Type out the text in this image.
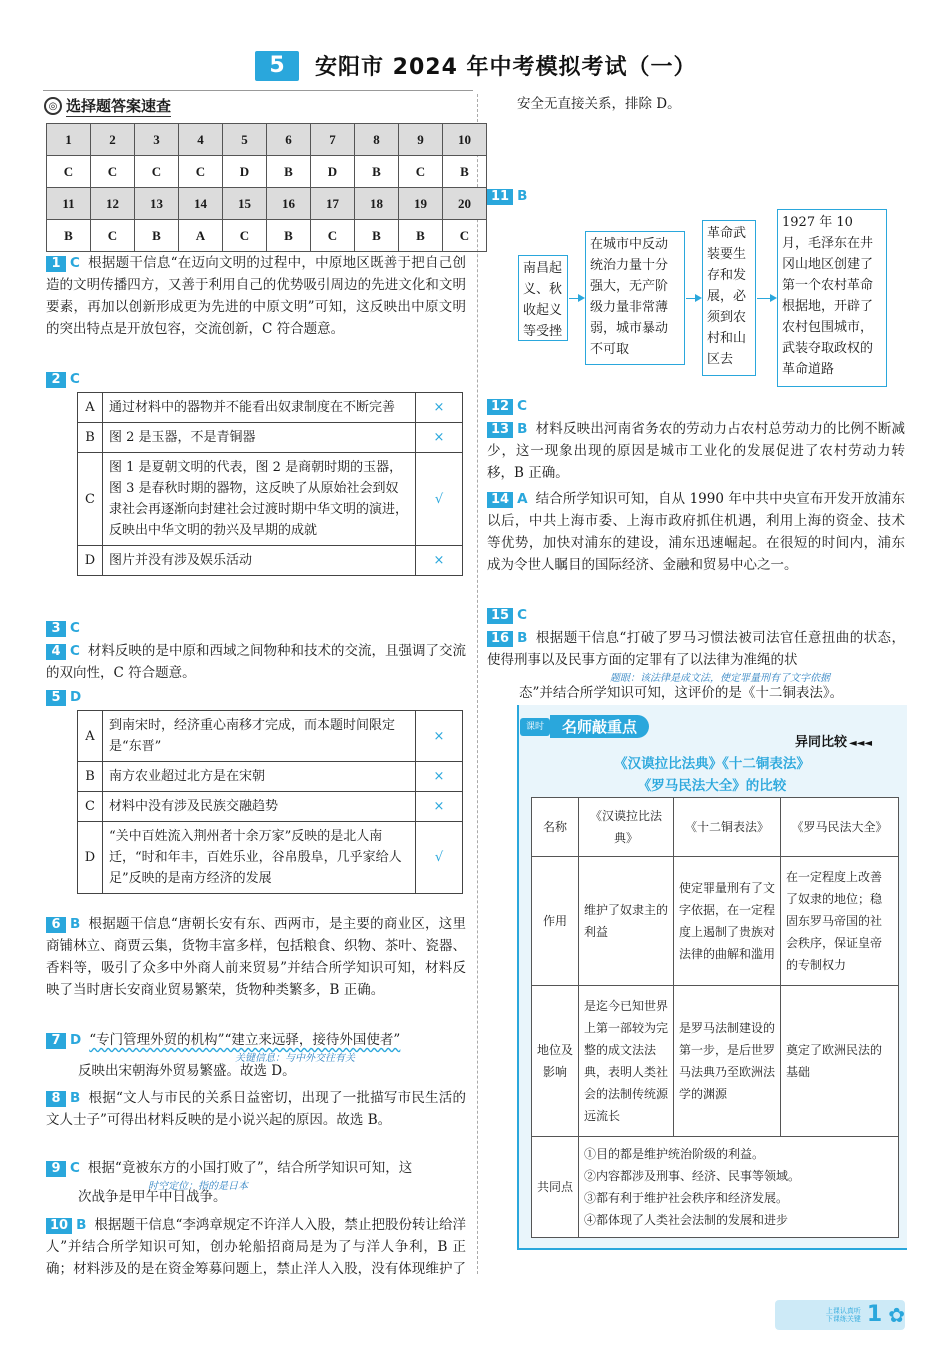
5	安阳市 2024 年中考模拟考试（一）
◎ 选择题答案速查
1	2	3	4	5	6	7	8	9	10
C	C	C	C	D	B	D	B	C	B
11	12	13	14	15	16	17	18	19	20
B	C	B	A	C	B	C	B	B	C
1 C 根据题干信息“在迈向文明的过程中，中原地区既善于把自己创造的文明传播四方，又善于利用自己的优势吸引周边的先进文化和文明要素，再加以创新形成更为先进的中原文明”可知，这反映出中原文明的突出特点是开放包容，交流创新，C 符合题意。
2 C
A	通过材料中的器物并不能看出奴隶制度在不断完善	×
B	图 2 是玉器，不是青铜器	×
C	图 1 是夏朝文明的代表，图 2 是商朝时期的玉器，图 3 是春秋时期的器物，这反映了从原始社会到奴隶社会再逐渐向封建社会过渡时期中华文明的演进，反映出中华文明的勃兴及早期的成就	√
D	图片并没有涉及娱乐活动	×
3 C
4 C 材料反映的是中原和西域之间物种和技术的交流，且强调了交流的双向性，C 符合题意。
5 D
A	到南宋时，经济重心南移才完成，而本题时间限定是“东晋”	×
B	南方农业超过北方是在宋朝	×
C	材料中没有涉及民族交融趋势	×
D	“关中百姓流入荆州者十余万家”反映的是北人南迁，“时和年丰，百姓乐业，谷帛殷阜，几乎家给人足”反映的是南方经济的发展	√
6 B 根据题干信息“唐朝长安有东、西两市，是主要的商业区，这里商铺林立、商贾云集，货物丰富多样，包括粮食、织物、茶叶、瓷器、香料等，吸引了众多中外商人前来贸易”并结合所学知识可知，材料反映了当时唐长安商业贸易繁荣，货物种类繁多，B 正确。
7 D “专门管理外贸的机构”“建立来远驿，接待外国使者”
关键信息：与中外交往有关
反映出宋朝海外贸易繁盛。故选 D。
8 B 根据“文人与市民的关系日益密切，出现了一批描写市民生活的文人士子”可得出材料反映的是小说兴起的原因。故选 B。
9 C 根据“竟被东方的小国打败了”，结合所学知识可知，这
时空定位：指的是日本
次战争是甲午中日战争。
10 B 根据题干信息“李鸿章规定不许洋人入股，禁止把股份转让给洋人”并结合所学知识可知，创办轮船招商局是为了与洋人争利，B 正确；材料涉及的是在资金筹募问题上，禁止洋人入股，没有体现维护了
安全无直接关系，排除 D。
11 B
南昌起义、秋收起义等受挫
在城市中反动统治力量十分强大，无产阶级力量非常薄弱，城市暴动不可取
革命武装要生存和发展，必须到农村和山区去
1927 年 10 月，毛泽东在井冈山地区创建了第一个农村革命根据地，开辟了农村包围城市，武装夺取政权的革命道路
12 C
13 B 材料反映出河南省务农的劳动力占农村总劳动力的比例不断减少，这一现象出现的原因是城市工业化的发展促进了农村劳动力转移，B 正确。
14 A 结合所学知识可知，自从 1990 年中共中央宣布开发开放浦东以后，中共上海市委、上海市政府抓住机遇，利用上海的资金、技术等优势，加快对浦东的建设，浦东迅速崛起。在很短的时间内，浦东成为令世人瞩目的国际经济、金融和贸易中心之一。
15 C
16 B 根据题干信息“打破了罗马习惯法被司法官任意扭曲的状态，使得刑事以及民事方面的定罪有了以法律为准绳的状
题眼：该法律是成文法，使定罪量刑有了文字依据
态”并结合所学知识可知，这评价的是《十二铜表法》。
课时	名师敲重点
异同比较 ◄◄◄
《汉谟拉比法典》《十二铜表法》
《罗马民法大全》的比较
名称	《汉谟拉比法典》	《十二铜表法》	《罗马民法大全》
作用	维护了奴隶主的利益	使定罪量刑有了文字依据，在一定程度上遏制了贵族对法律的曲解和滥用	在一定程度上改善了奴隶的地位；稳固东罗马帝国的社会秩序，保证皇帝的专制权力
地位及影响	是迄今已知世界上第一部较为完整的成文法法典，表明人类社会的法制传统源远流长	是罗马法制建设的第一步，是后世罗马法典乃至欧洲法学的渊源	奠定了欧洲民法的基础
共同点	①目的都是维护统治阶级的利益。
②内容都涉及刑事、经济、民事等领域。
③都有利于维护社会秩序和经济发展。
④都体现了人类社会法制的发展和进步		
上课认真听
下课练关键 1 ✿
